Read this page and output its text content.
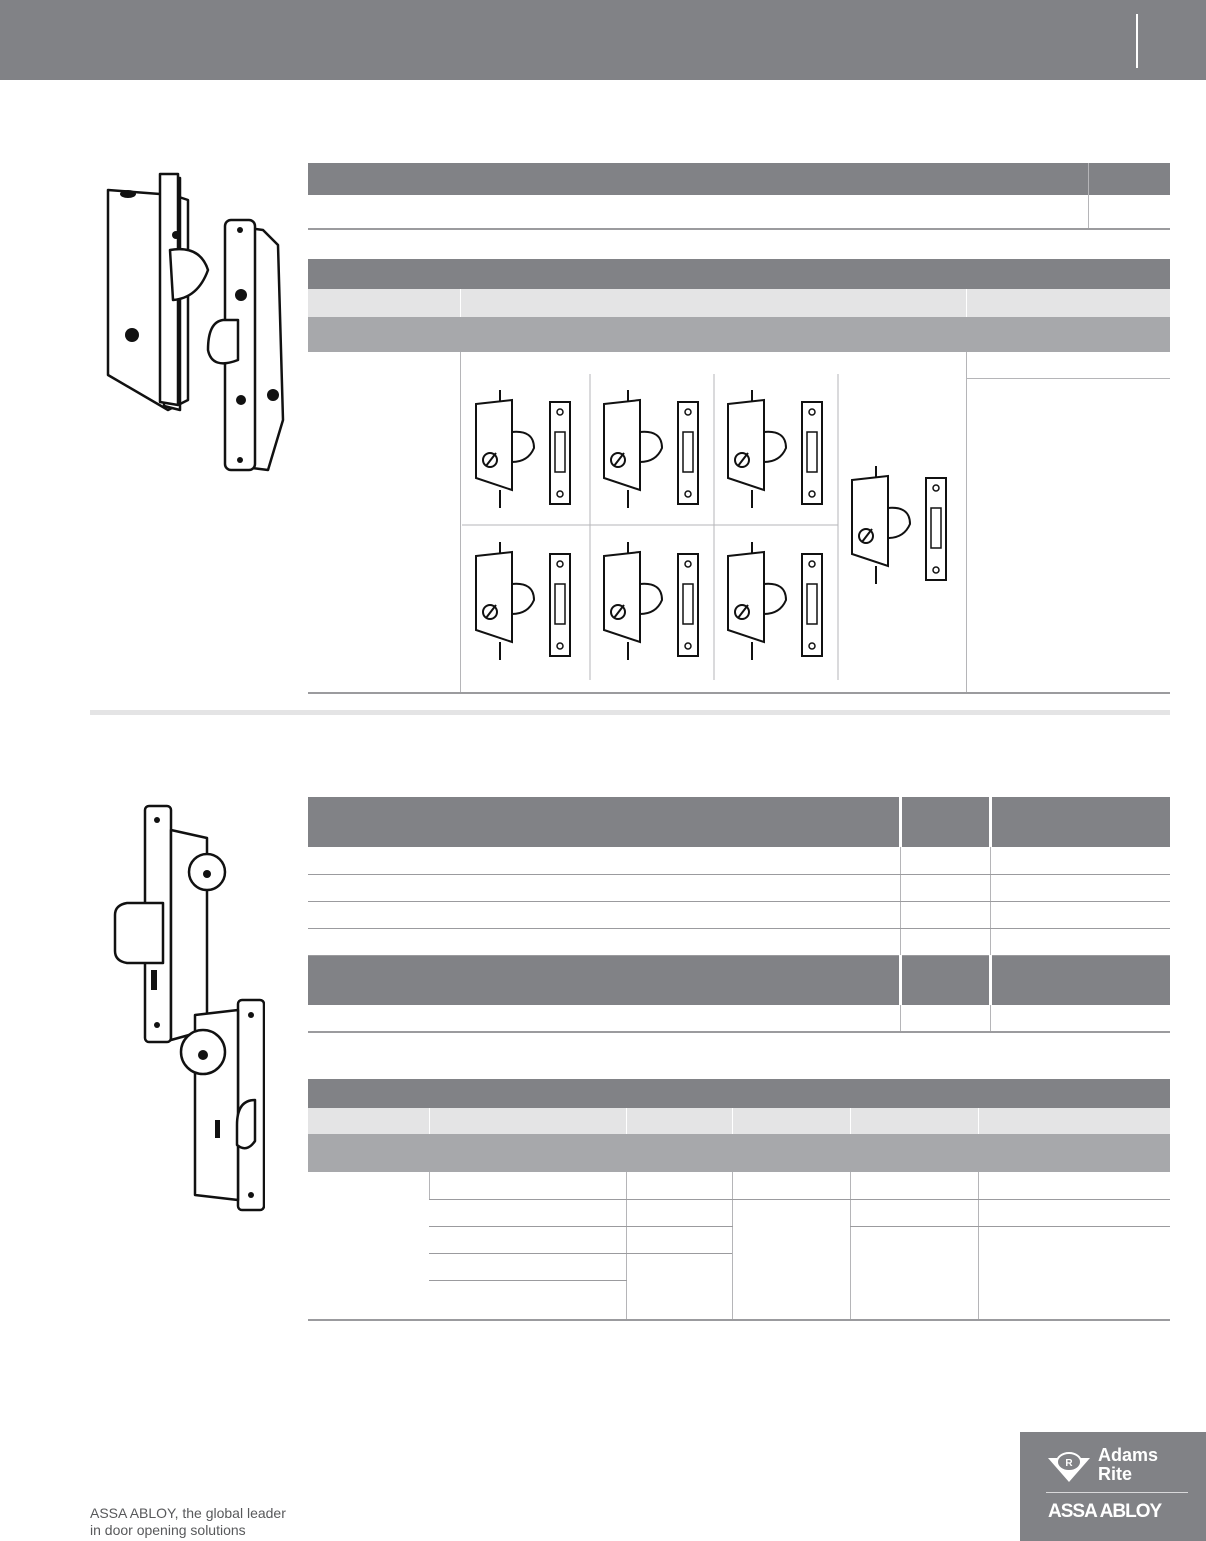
ASSA ABLOY, the global leader
in door opening solutions
R Adams
Rite
ASSA ABLOY
